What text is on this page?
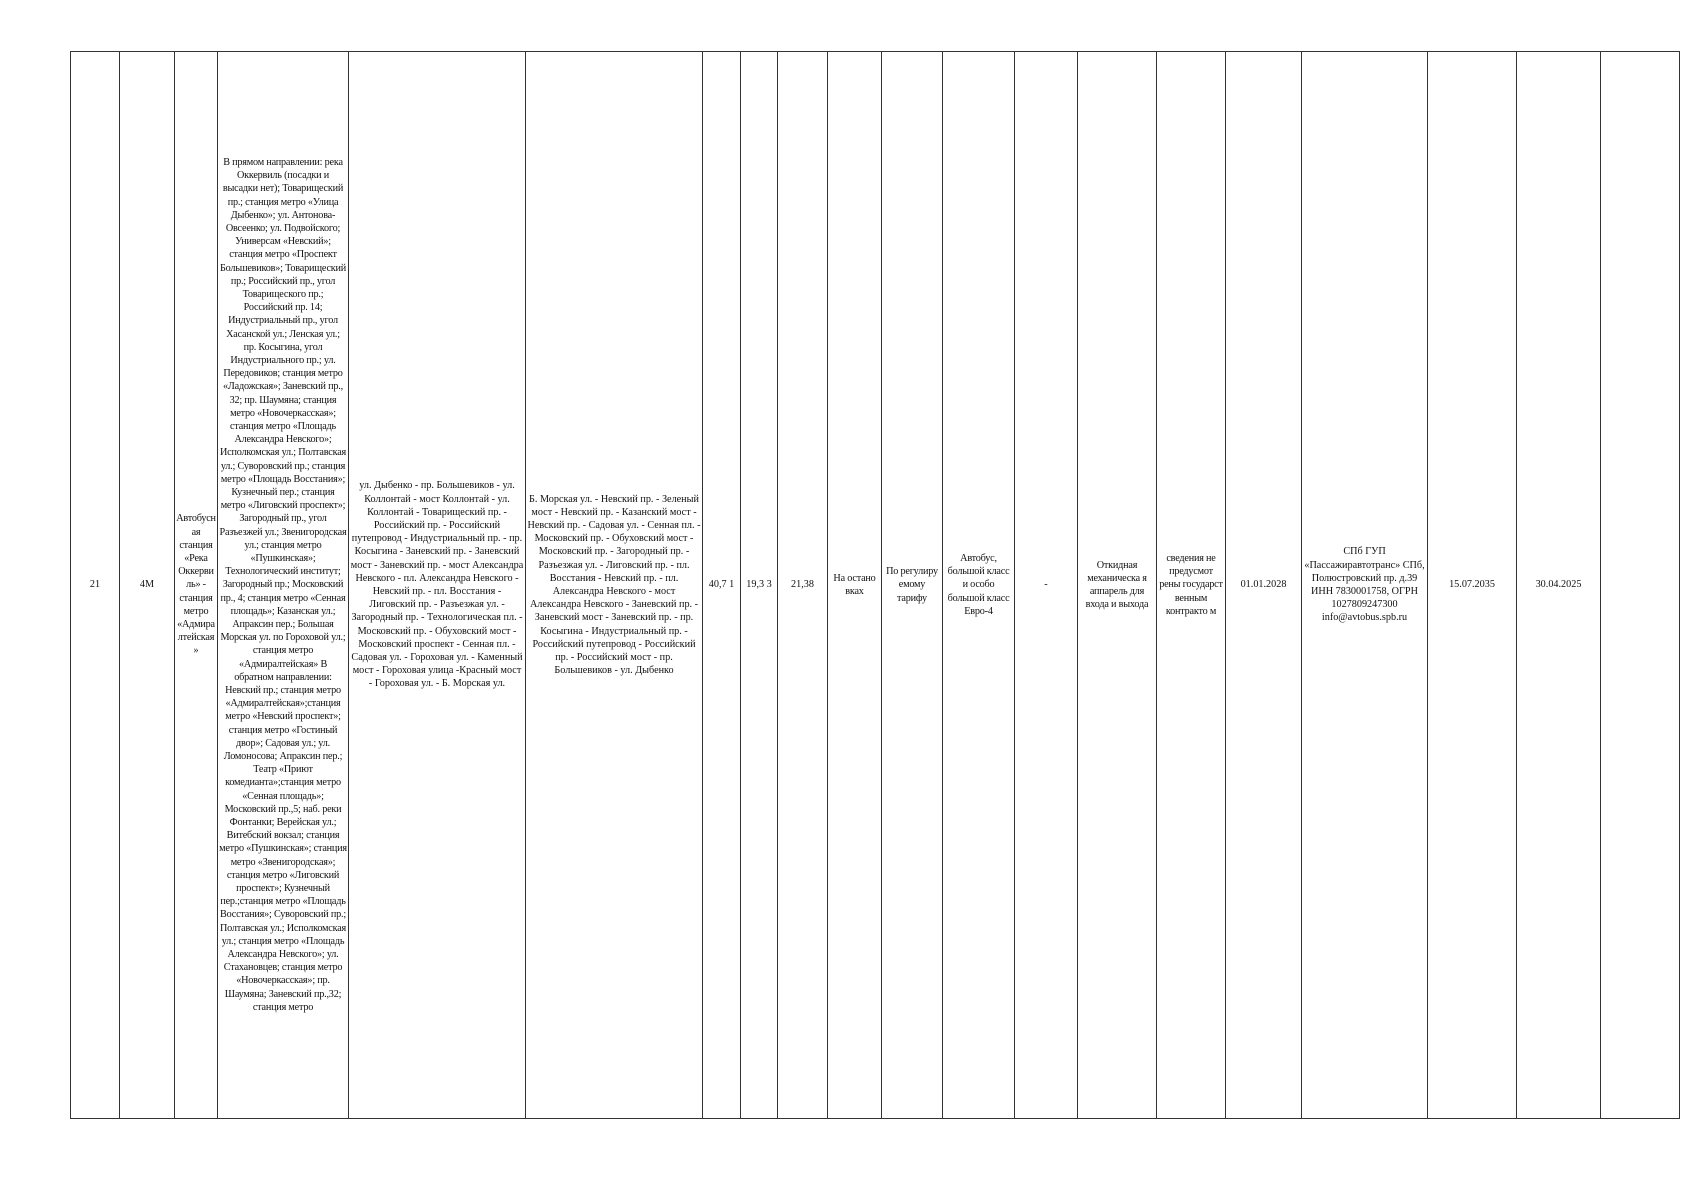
21	4М	Автобусная станция «Река Оккервиль» - станция метро «Адмиралтейская»	В прямом направлении: река Оккервиль (посадки и высадки нет); Товарищеский пр.; станция метро «Улица Дыбенко»; ул. Антонова-Овсеенко; ул. Подвойского; Универсам «Невский»; станция метро «Проспект Большевиков»; Товарищеский пр.; Российский пр., угол Товарищеского пр.; Российский пр. 14; Индустриальный пр., угол Хасанской ул.; Ленская ул.; пр. Косыгина, угол Индустриального пр.; ул. Передовиков; станция метро «Ладожская»; Заневский пр., 32; пр. Шаумяна; станция метро «Новочеркасская»; станция метро «Площадь Александра Невского»; Исполкомская ул.; Полтавская ул.; Суворовский пр.; станция метро «Площадь Восстания»; Кузнечный пер.; станция метро «Лиговский проспект»; Загородный пр., угол Разъезжей ул.; Звенигородская ул.; станция метро «Пушкинская»; Технологический институт; Загородный пр.; Московский пр., 4; станция метро «Сенная площадь»; Казанская ул.; Апраксин пер.; Большая Морская ул. по Гороховой ул.; станция метро «Адмиралтейская» В обратном направлении: Невский пр.; станция метро «Адмиралтейская»;станция метро «Невский проспект»; станция метро «Гостиный двор»; Садовая ул.; ул. Ломоносова; Апраксин пер.; Театр «Приют комедианта»;станция метро «Сенная площадь»; Московский пр.,5; наб. реки Фонтанки; Верейская ул.; Витебский вокзал; станция метро «Пушкинская»; станция метро «Звенигородская»; станция метро «Лиговский проспект»; Кузнечный пер.;станция метро «Площадь Восстания»; Суворовский пр.; Полтавская ул.; Исполкомская ул.; станция метро «Площадь Александра Невского»; ул. Стахановцев; станция метро «Новочеркасская»; пр. Шаумяна; Заневский пр.,32; станция метро	ул. Дыбенко - пр. Большевиков - ул. Коллонтай - мост Коллонтай - ул. Коллонтай - Товарищеский пр. - Российский пр. - Российский путепровод - Индустриальный пр. - пр. Косыгина - Заневский пр. - Заневский мост - Заневский пр. - мост Александра Невского - пл. Александра Невского - Невский пр. - пл. Восстания - Лиговский пр. - Разъезжая ул. - Загородный пр. - Технологическая пл. - Московский пр. - Обуховский мост - Московский проспект - Сенная пл. - Садовая ул. - Гороховая ул. - Каменный мост - Гороховая улица -Красный мост - Гороховая ул. - Б. Морская ул.	Б. Морская ул. - Невский пр. - Зеленый мост - Невский пр. - Казанский мост - Невский пр. - Садовая ул. - Сенная пл. - Московский пр. - Обуховский мост - Московский пр. - Загородный пр. - Разъезжая ул. - Лиговский пр. - пл. Восстания - Невский пр. - пл. Александра Невского - мост Александра Невского - Заневский пр. - Заневский мост - Заневский пр. - пр. Косыгина - Индустриальный пр. - Российский путепровод - Российский пр. - Российский мост - пр. Большевиков - ул. Дыбенко	40,7 1	19,3 3	21,38	На остано вках	По регулиру емому тарифу	Автобус, большой класс и особо большой класс Евро-4	-	Откидная механическа я аппарель для входа и выхода	сведения не предусмот рены государст венным контракто м	01.01.2028	СПб ГУП «Пассажиравтотранс» СПб, Полюстровский пр. д.39 ИНН 7830001758, ОГРН 1027809247300 info@avtobus.spb.ru	15.07.2035	30.04.2025	
